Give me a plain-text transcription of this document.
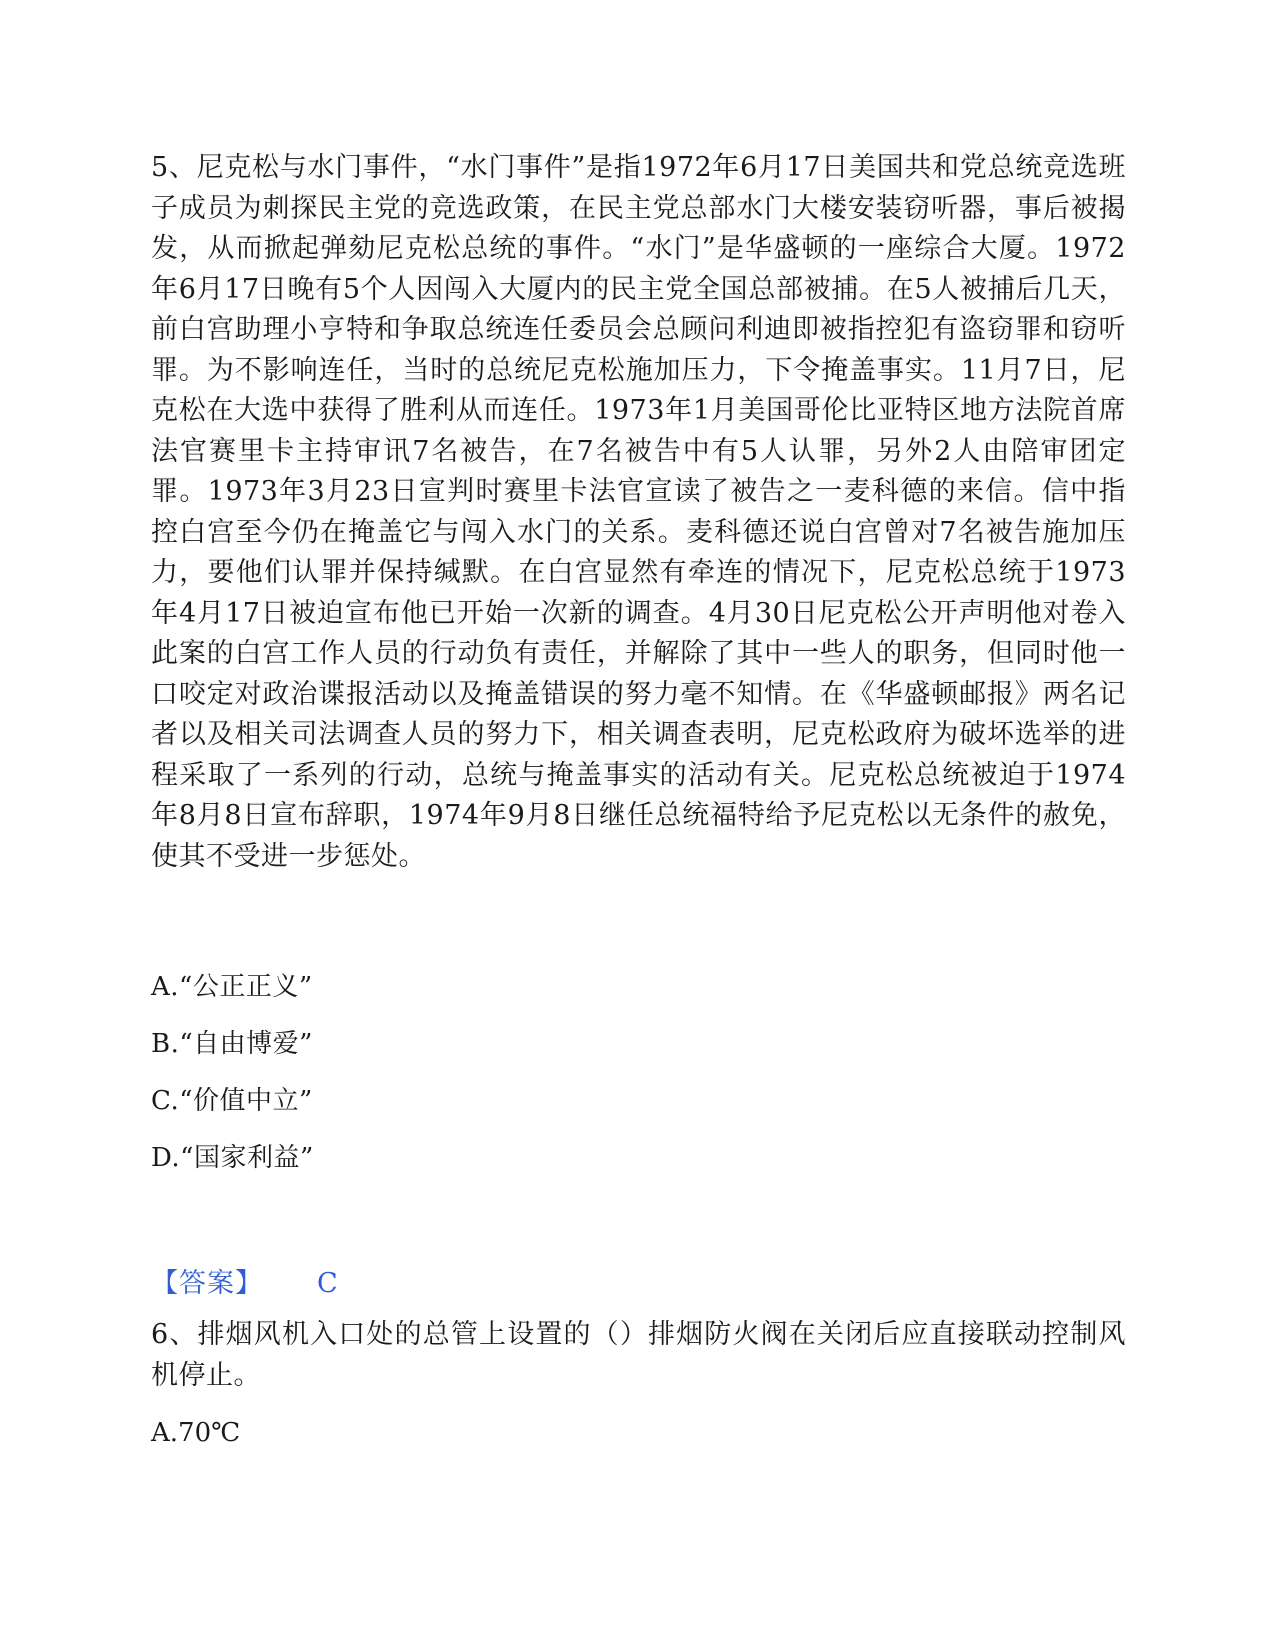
5、尼克松与水门事件，“水门事件”是指1972年6月17日美国共和党总统竞选班子成员为刺探民主党的竞选政策，在民主党总部水门大楼安装窃听器，事后被揭发，从而掀起弹劾尼克松总统的事件。“水门”是华盛顿的一座综合大厦。1972年6月17日晚有5个人因闯入大厦内的民主党全国总部被捕。在5人被捕后几天，前白宫助理小亨特和争取总统连任委员会总顾问利迪即被指控犯有盗窃罪和窃听罪。为不影响连任，当时的总统尼克松施加压力，下令掩盖事实。11月7日，尼克松在大选中获得了胜利从而连任。1973年1月美国哥伦比亚特区地方法院首席法官赛里卡主持审讯7名被告，在7名被告中有5人认罪，另外2人由陪审团定罪。1973年3月23日宣判时赛里卡法官宣读了被告之一麦科德的来信。信中指控白宫至今仍在掩盖它与闯入水门的关系。麦科德还说白宫曾对7名被告施加压力，要他们认罪并保持缄默。在白宫显然有牵连的情况下，尼克松总统于1973年4月17日被迫宣布他已开始一次新的调查。4月30日尼克松公开声明他对卷入此案的白宫工作人员的行动负有责任，并解除了其中一些人的职务，但同时他一口咬定对政治谍报活动以及掩盖错误的努力毫不知情。在《华盛顿邮报》两名记者以及相关司法调查人员的努力下，相关调查表明，尼克松政府为破坏选举的进程采取了一系列的行动，总统与掩盖事实的活动有关。尼克松总统被迫于1974年8月8日宣布辞职，1974年9月8日继任总统福特给予尼克松以无条件的赦免，使其不受进一步惩处。

A.“公正正义”

B.“自由博爱”

C.“价值中立”

D.“国家利益”

【答案】 C

6、排烟风机入口处的总管上设置的（）排烟防火阀在关闭后应直接联动控制风机停止。

A.70℃
